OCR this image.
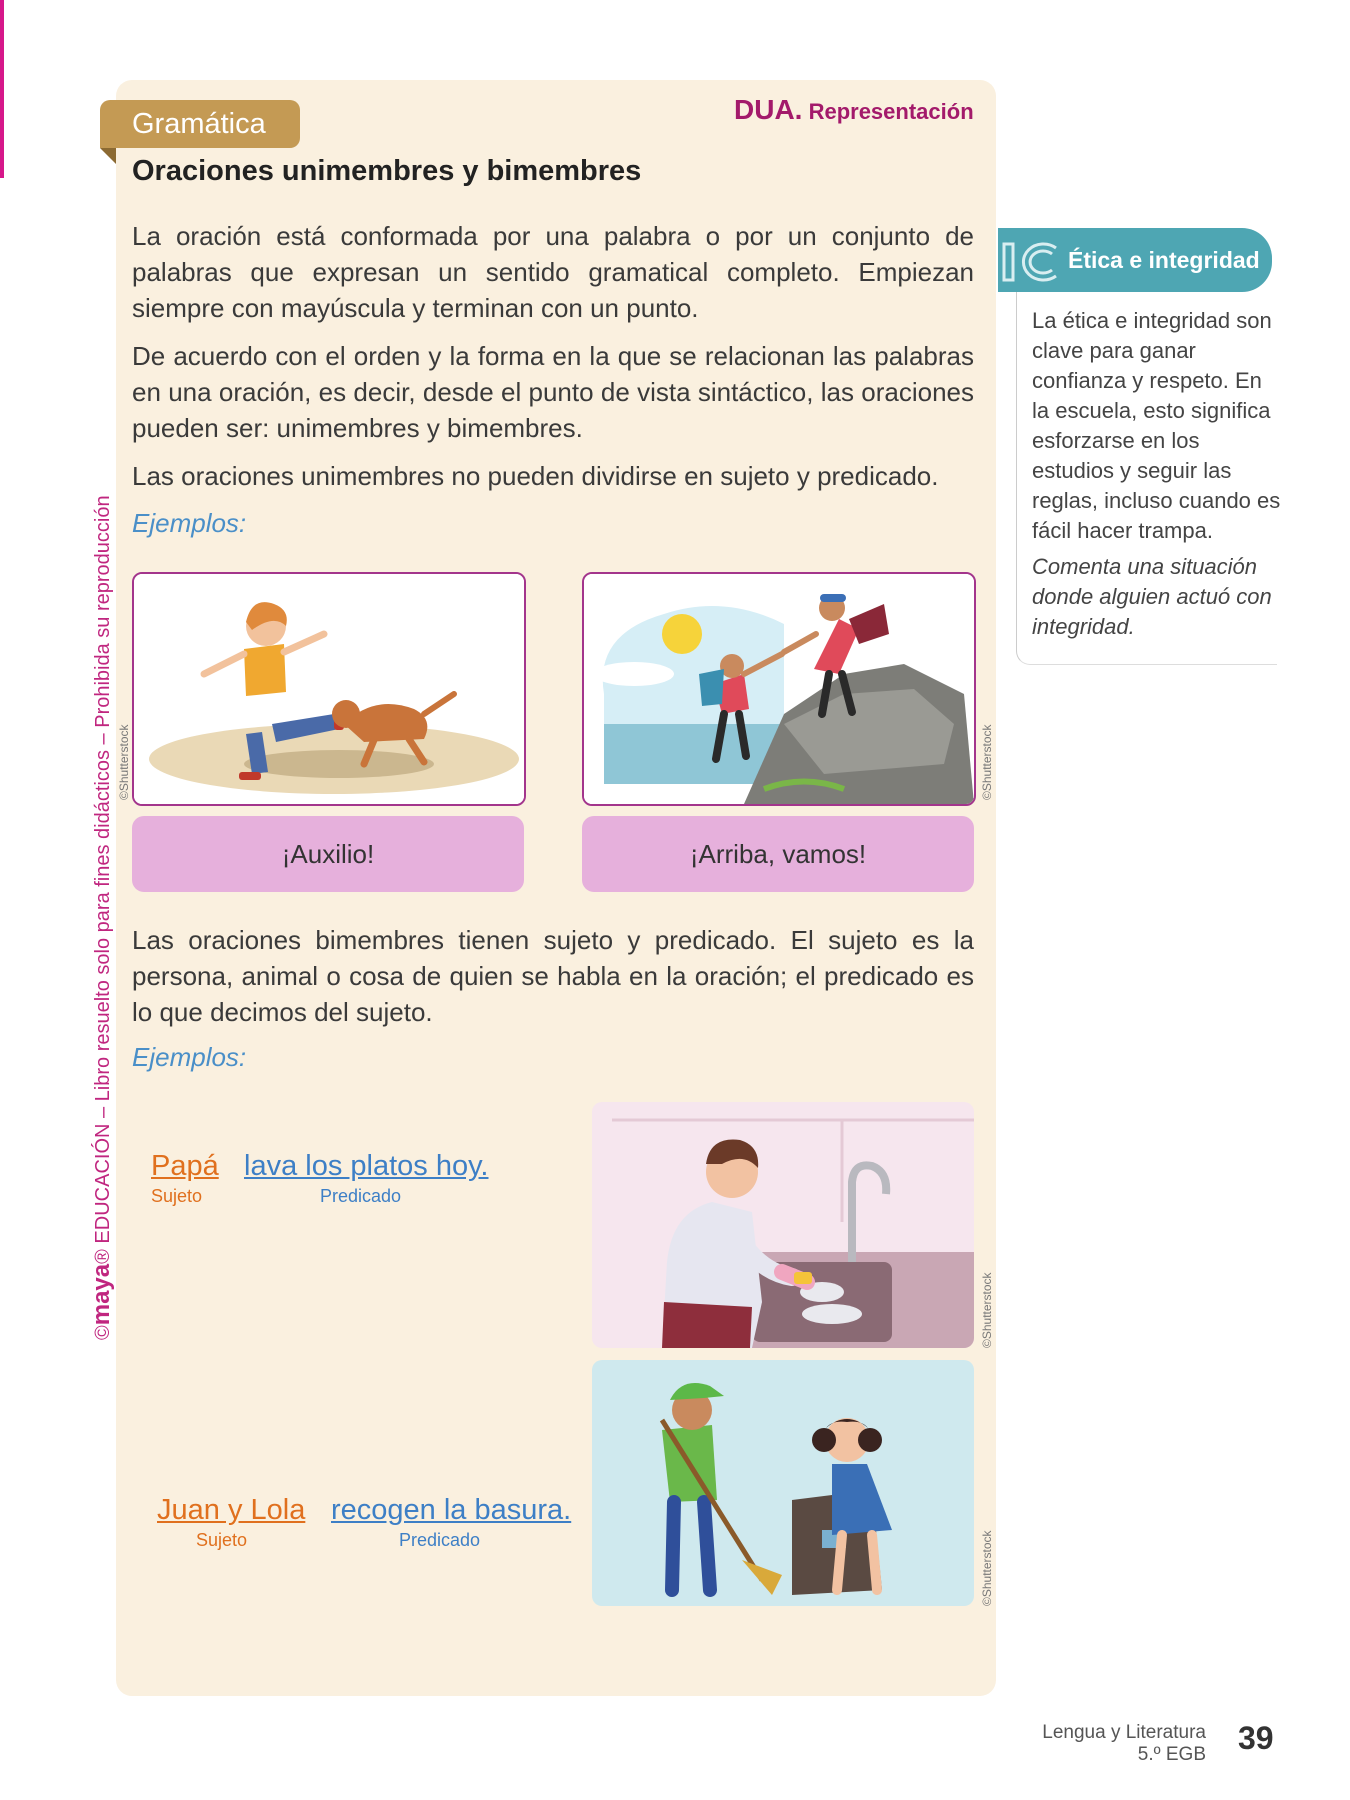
©maya® EDUCACIÓN – Libro resuelto solo para fines didácticos – Prohibida su reproducción
DUA. Representación
Gramática
Oraciones unimembres y bimembres

La oración está conformada por una palabra o por un conjunto de palabras que expresan un sentido gramatical completo. Empiezan siempre con mayúscula y terminan con un punto.

De acuerdo con el orden y la forma en la que se relacionan las palabras en una oración, es decir, desde el punto de vista sintáctico, las oraciones pueden ser: unimembres y bimembres.

Las oraciones unimembres no pueden dividirse en sujeto y predicado.

Ejemplos:
©Shutterstock	©Shutterstock
¡Auxilio!	¡Arriba, vamos!

Las oraciones bimembres tienen sujeto y predicado. El sujeto es la persona, animal o cosa de quien se habla en la oración; el predicado es lo que decimos del sujeto.

Ejemplos:
Papá lava los platos hoy.
Sujeto	Predicado
©Shutterstock
Juan y Lola recogen la basura.
Sujeto	Predicado	©Shutterstock
Ética e integridad

La ética e integridad son clave para ganar confianza y respeto. En la escuela, esto significa esforzarse en los estudios y seguir las reglas, incluso cuando es fácil hacer trampa.

Comenta una situación donde alguien actuó con integridad.

Lengua y Literatura
5.º EGB 39
